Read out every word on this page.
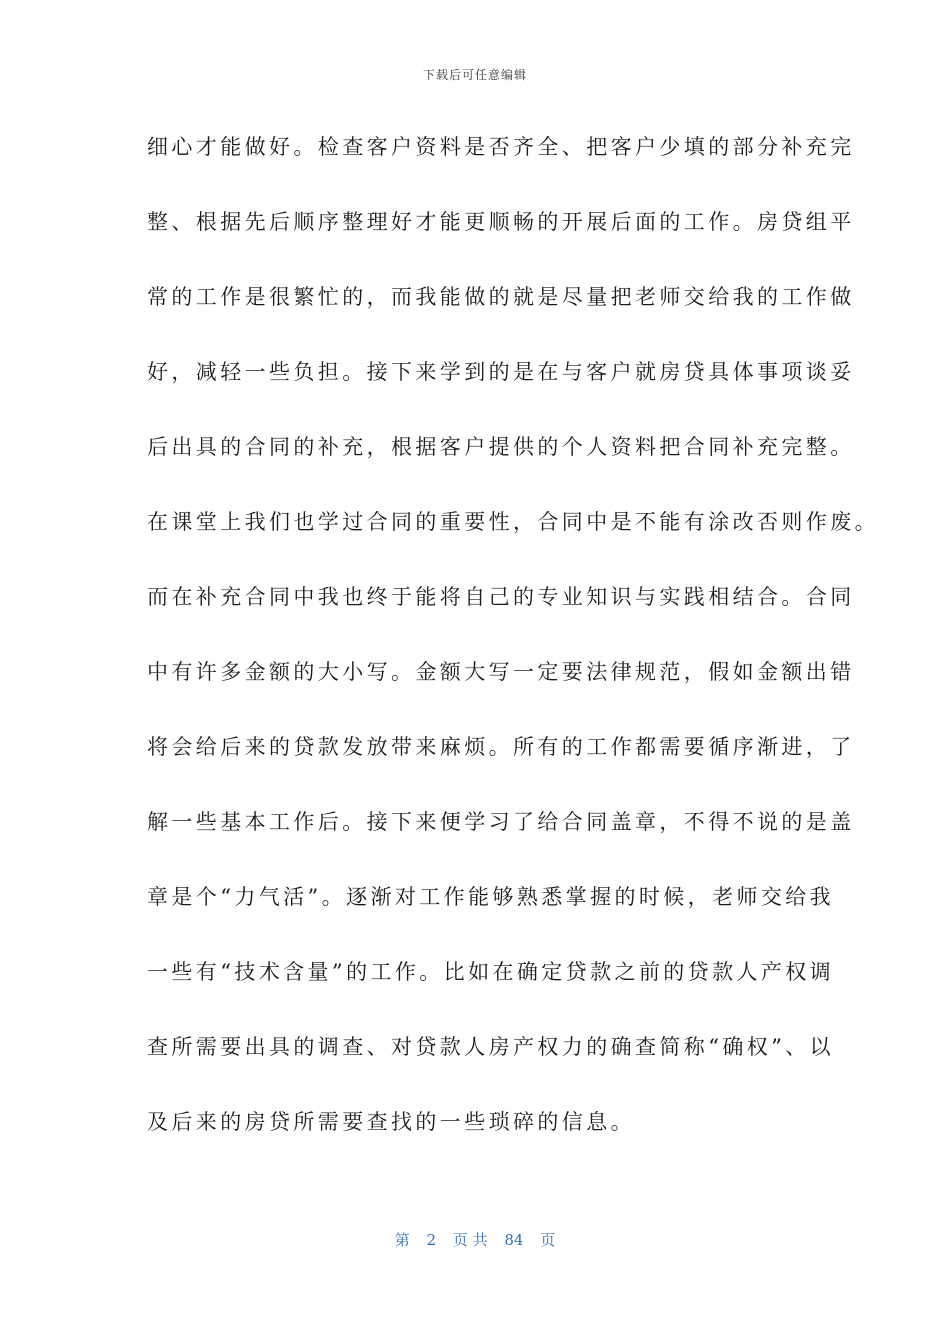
下载后可任意编辑
细心才能做好。检查客户资料是否齐全、把客户少填的部分补充完
整、根据先后顺序整理好才能更顺畅的开展后面的工作。房贷组平
常的工作是很繁忙的，而我能做的就是尽量把老师交给我的工作做
好，减轻一些负担。接下来学到的是在与客户就房贷具体事项谈妥
后出具的合同的补充，根据客户提供的个人资料把合同补充完整。
在课堂上我们也学过合同的重要性，合同中是不能有涂改否则作废。
而在补充合同中我也终于能将自己的专业知识与实践相结合。合同
中有许多金额的大小写。金额大写一定要法律规范，假如金额出错
将会给后来的贷款发放带来麻烦。所有的工作都需要循序渐进，了
解一些基本工作后。接下来便学习了给合同盖章，不得不说的是盖
章是个“力气活”。逐渐对工作能够熟悉掌握的时候，老师交给我
一些有“技术含量”的工作。比如在确定贷款之前的贷款人产权调
查所需要出具的调查、对贷款人房产权力的确查简称“确权”、以
及后来的房贷所需要查找的一些琐碎的信息。
第 2 页 共 84 页
